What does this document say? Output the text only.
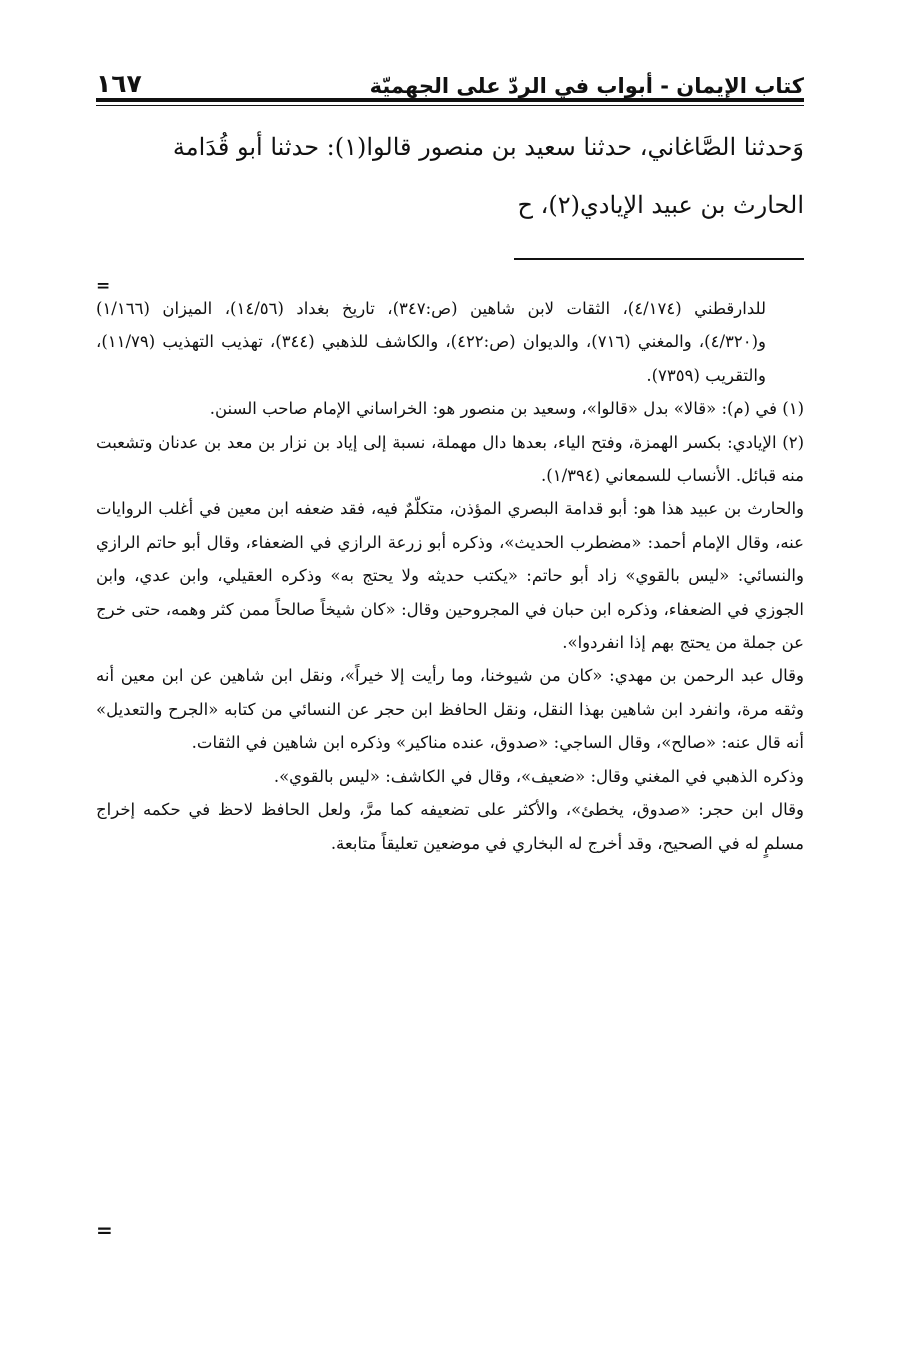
كتاب الإيمان - أبواب في الردّ على الجهميّة
١٦٧

وَحدثنا الصَّاغاني، حدثنا سعيد بن منصور قالوا(١): حدثنا أبو قُدَامة

الحارث بن عبيد الإيادي(٢)، ح

=

للدارقطني (٤/١٧٤)، الثقات لابن شاهين (ص:٣٤٧)، تاريخ بغداد (١٤/٥٦)، الميزان (١/١٦٦) و(٤/٣٢٠)، والمغني (٧١٦)، والديوان (ص:٤٢٢)، والكاشف للذهبي (٣٤٤)، تهذيب التهذيب (١١/٧٩)، والتقريب (٧٣٥٩).

(١) في (م): «قالا» بدل «قالوا»، وسعيد بن منصور هو: الخراساني الإمام صاحب السنن.

(٢) الإيادي: بكسر الهمزة، وفتح الياء، بعدها دال مهملة، نسبة إلى إياد بن نزار بن معد بن عدنان وتشعبت منه قبائل. الأنساب للسمعاني (١/٣٩٤).

والحارث بن عبيد هذا هو: أبو قدامة البصري المؤذن، متكلّمٌ فيه، فقد ضعفه ابن معين في أغلب الروايات عنه، وقال الإمام أحمد: «مضطرب الحديث»، وذكره أبو زرعة الرازي في الضعفاء، وقال أبو حاتم الرازي والنسائي: «ليس بالقوي» زاد أبو حاتم: «يكتب حديثه ولا يحتج به» وذكره العقيلي، وابن عدي، وابن الجوزي في الضعفاء، وذكره ابن حبان في المجروحين وقال: «كان شيخاً صالحاً ممن كثر وهمه، حتى خرج عن جملة من يحتج بهم إذا انفردوا».

وقال عبد الرحمن بن مهدي: «كان من شيوخنا، وما رأيت إلا خيراً»، ونقل ابن شاهين عن ابن معين أنه وثقه مرة، وانفرد ابن شاهين بهذا النقل، ونقل الحافظ ابن حجر عن النسائي من كتابه «الجرح والتعديل» أنه قال عنه: «صالح»، وقال الساجي: «صدوق، عنده مناكير» وذكره ابن شاهين في الثقات.

وذكره الذهبي في المغني وقال: «ضعيف»، وقال في الكاشف: «ليس بالقوي».

وقال ابن حجر: «صدوق، يخطئ»، والأكثر على تضعيفه كما مرَّ، ولعل الحافظ لاحظ في حكمه إخراج مسلمٍ له في الصحيح، وقد أخرج له البخاري في موضعين تعليقاً متابعة.

=
